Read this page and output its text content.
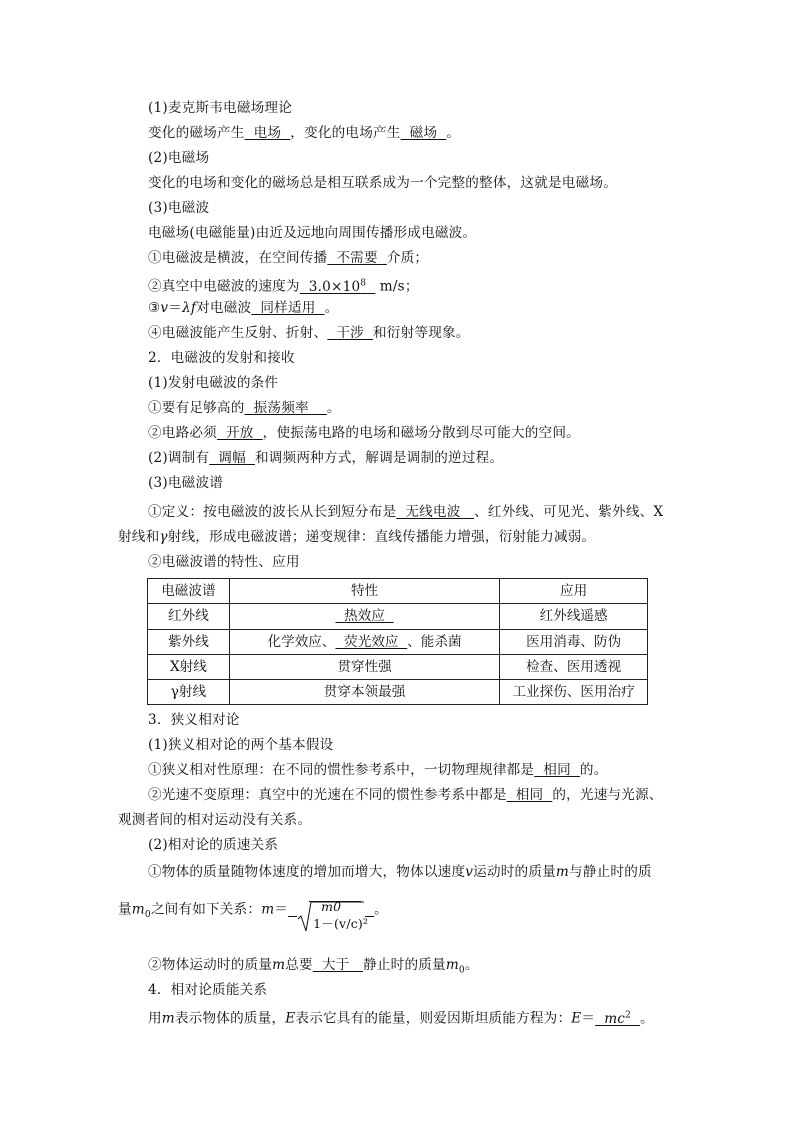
(1)麦克斯韦电磁场理论
变化的磁场产生 电场 ，变化的电场产生 磁场 。
(2)电磁场
变化的电场和变化的磁场总是相互联系成为一个完整的整体，这就是电磁场。
(3)电磁波
电磁场(电磁能量)由近及远地向周围传播形成电磁波。
①电磁波是横波，在空间传播 不需要 介质；
②真空中电磁波的速度为 $3.0\times 10^8$   m/s；
③v＝λf对电磁波 同样适用 。
④电磁波能产生反射、折射、 干涉 和衍射等现象。
2．电磁波的发射和接收
(1)发射电磁波的条件
①要有足够高的 振荡频率 。
②电路必须 开放 ，使振荡电路的电场和磁场分散到尽可能大的空间。
(2)调制有 调幅 和调频两种方式，解调是调制的逆过程。
(3)电磁波谱
①定义：按电磁波的波长从长到短分布是 无线电波 、红外线、可见光、紫外线、X
射线和γ射线，形成电磁波谱；递变规律：直线传播能力增强，衍射能力减弱。
②电磁波谱的特性、应用
电磁波谱	特性	应用
红外线	热效应	红外线遥感
紫外线	化学效应、 荧光效应 、能杀菌	医用消毒、防伪
X射线	贯穿性强	检查、医用透视
γ射线	贯穿本领最强	工业探伤、医用治疗
3．狭义相对论
(1)狭义相对论的两个基本假设
①狭义相对性原理：在不同的惯性参考系中，一切物理规律都是 相同 的。
②光速不变原理：真空中的光速在不同的惯性参考系中都是 相同 的，光速与光源、
观测者间的相对运动没有关系。
(2)相对论的质速关系
①物体的质量随物体速度的增加而增大，物体以速度v运动时的质量m与静止时的质
量$m_0$之间有如下关系：m＝	m0
1－(v/c)²
。
②物体运动时的质量m总要 大于 静止时的质量$m_0$。
4．相对论质能关系
用m表示物体的质量，E表示它具有的能量，则爱因斯坦质能方程为：$E= mc^2$ 。
